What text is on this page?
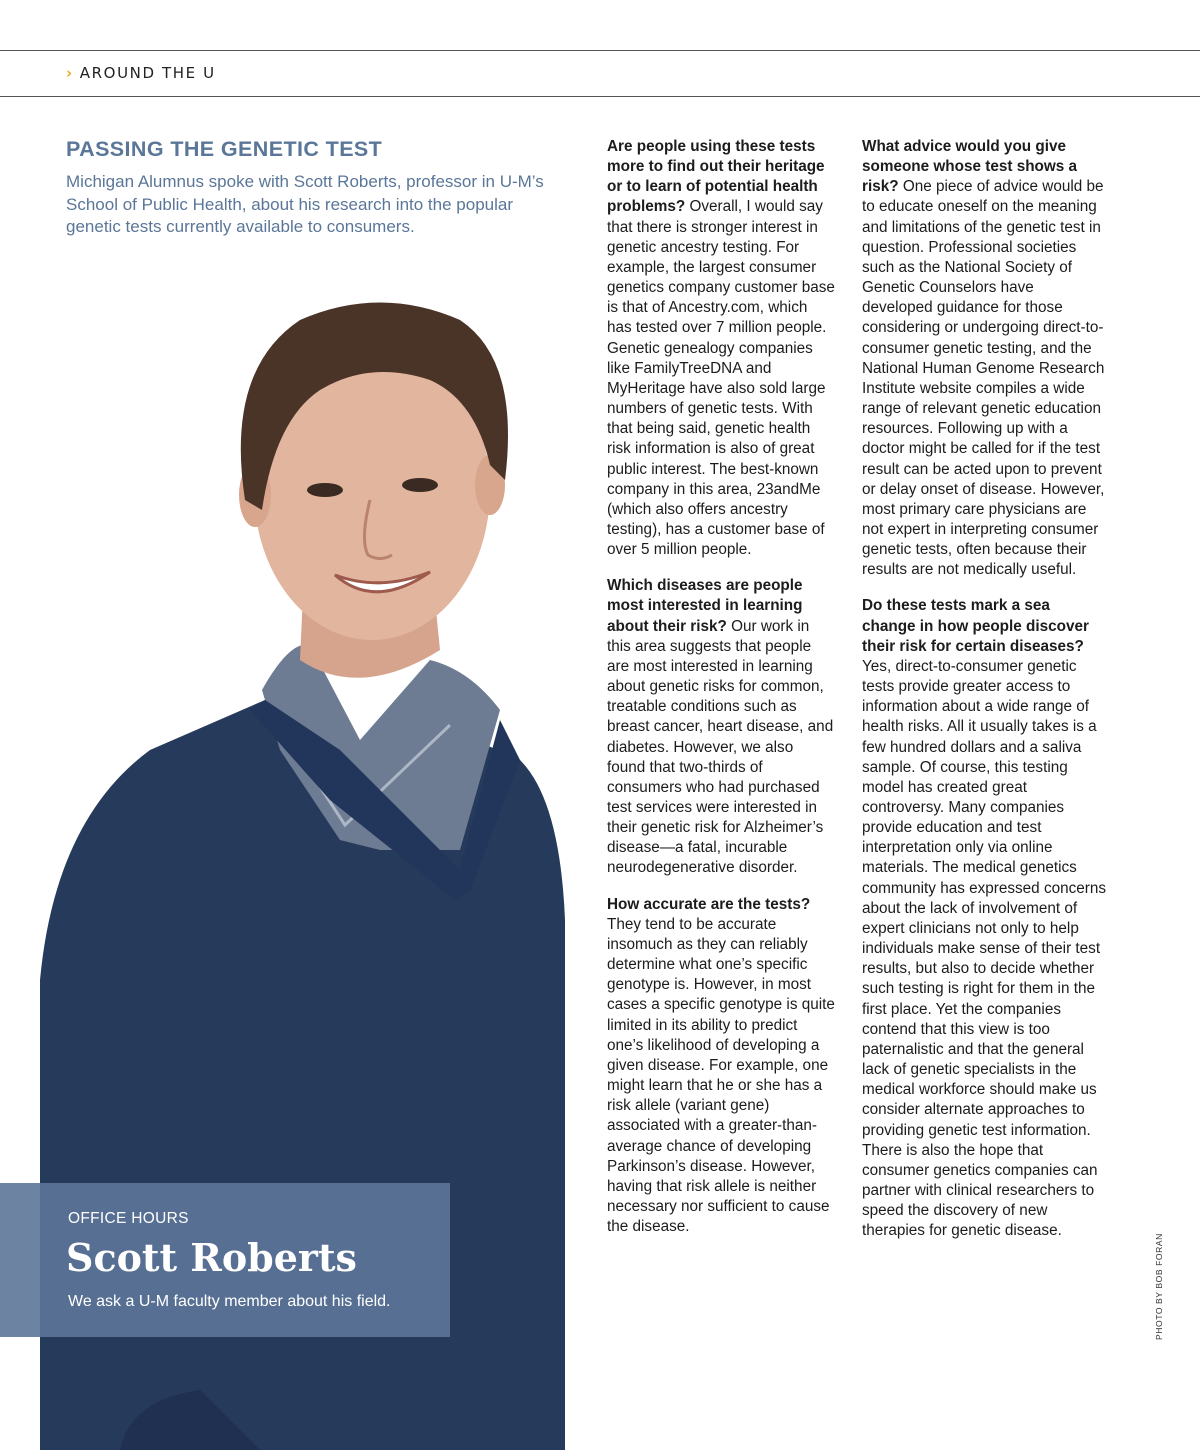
› AROUND THE U
PASSING THE GENETIC TEST

Michigan Alumnus spoke with Scott Roberts, professor in U-M’s School of Public Health, about his research into the popular genetic tests currently available to consumers.

OFFICE HOURS
Scott Roberts
We ask a U-M faculty member about his field.

Are people using these tests more to find out their heritage or to learn of potential health problems? Overall, I would say that there is stronger interest in genetic ancestry testing. For example, the largest consumer genetics company customer base is that of Ancestry.com, which has tested over 7 million people. Genetic genealogy companies like FamilyTreeDNA and MyHeritage have also sold large numbers of genetic tests. With that being said, genetic health risk information is also of great public interest. The best-known company in this area, 23andMe (which also offers ancestry testing), has a customer base of over 5 million people.

Which diseases are people most interested in learning about their risk? Our work in this area suggests that people are most interested in learning about genetic risks for common, treatable conditions such as breast cancer, heart disease, and diabetes. However, we also found that two-thirds of consumers who had purchased test services were interested in their genetic risk for Alzheimer’s disease—a fatal, incurable neurodegenerative disorder.

How accurate are the tests? They tend to be accurate insomuch as they can reliably determine what one’s specific genotype is. However, in most cases a specific genotype is quite limited in its ability to predict one’s likelihood of developing a given disease. For example, one might learn that he or she has a risk allele (variant gene) associated with a greater-than-average chance of developing Parkinson’s disease. However, having that risk allele is neither necessary nor sufficient to cause the disease.

What advice would you give someone whose test shows a risk? One piece of advice would be to educate oneself on the meaning and limitations of the genetic test in question. Professional societies such as the National Society of Genetic Counselors have developed guidance for those considering or undergoing direct-to-consumer genetic testing, and the National Human Genome Research Institute website compiles a wide range of relevant genetic education resources. Following up with a doctor might be called for if the test result can be acted upon to prevent or delay onset of disease. However, most primary care physicians are not expert in interpreting consumer genetic tests, often because their results are not medically useful.

Do these tests mark a sea change in how people discover their risk for certain diseases? Yes, direct-to-consumer genetic tests provide greater access to information about a wide range of health risks. All it usually takes is a few hundred dollars and a saliva sample. Of course, this testing model has created great controversy. Many companies provide education and test interpretation only via online materials. The medical genetics community has expressed concerns about the lack of involvement of expert clinicians not only to help individuals make sense of their test results, but also to decide whether such testing is right for them in the first place. Yet the companies contend that this view is too paternalistic and that the general lack of genetic specialists in the medical workforce should make us consider alternate approaches to providing genetic test information. There is also the hope that consumer genetics companies can partner with clinical researchers to speed the discovery of new therapies for genetic disease.

PHOTO BY BOB FORAN
